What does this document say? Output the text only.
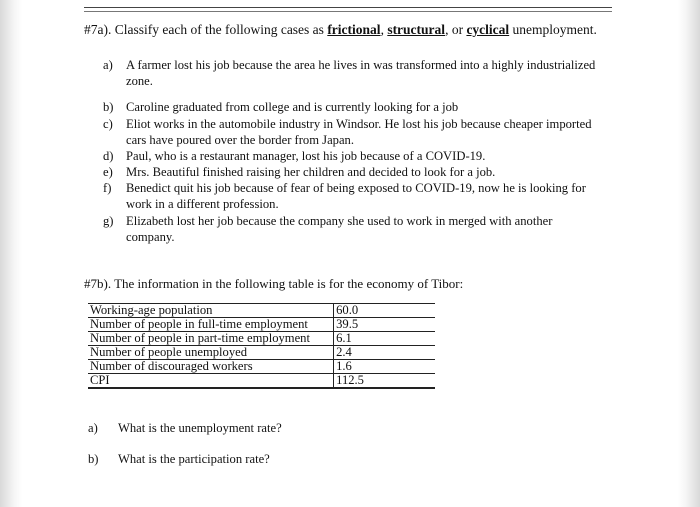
#7a). Classify each of the following cases as frictional, structural, or cyclical unemployment.
a)	A farmer lost his job because the area he lives in was transformed into a highly industrialized zone.
b) Caroline graduated from college and is currently looking for a job
c)	Eliot works in the automobile industry in Windsor. He lost his job because cheaper imported cars have poured over the border from Japan.
d) Paul, who is a restaurant manager, lost his job because of a COVID-19.
e)	Mrs. Beautiful finished raising her children and decided to look for a job.
f)	Benedict quit his job because of fear of being exposed to COVID-19, now he is looking for work in a different profession.
g) Elizabeth lost her job because the company she used to work in merged with another company.
#7b). The information in the following table is for the economy of Tibor:
Working-age population	60.0
Number of people in full-time employment	39.5
Number of people in part-time employment	6.1
Number of people unemployed	2.4
Number of discouraged workers	1.6
CPI	112.5
a)	What is the unemployment rate?
b)	What is the participation rate?
